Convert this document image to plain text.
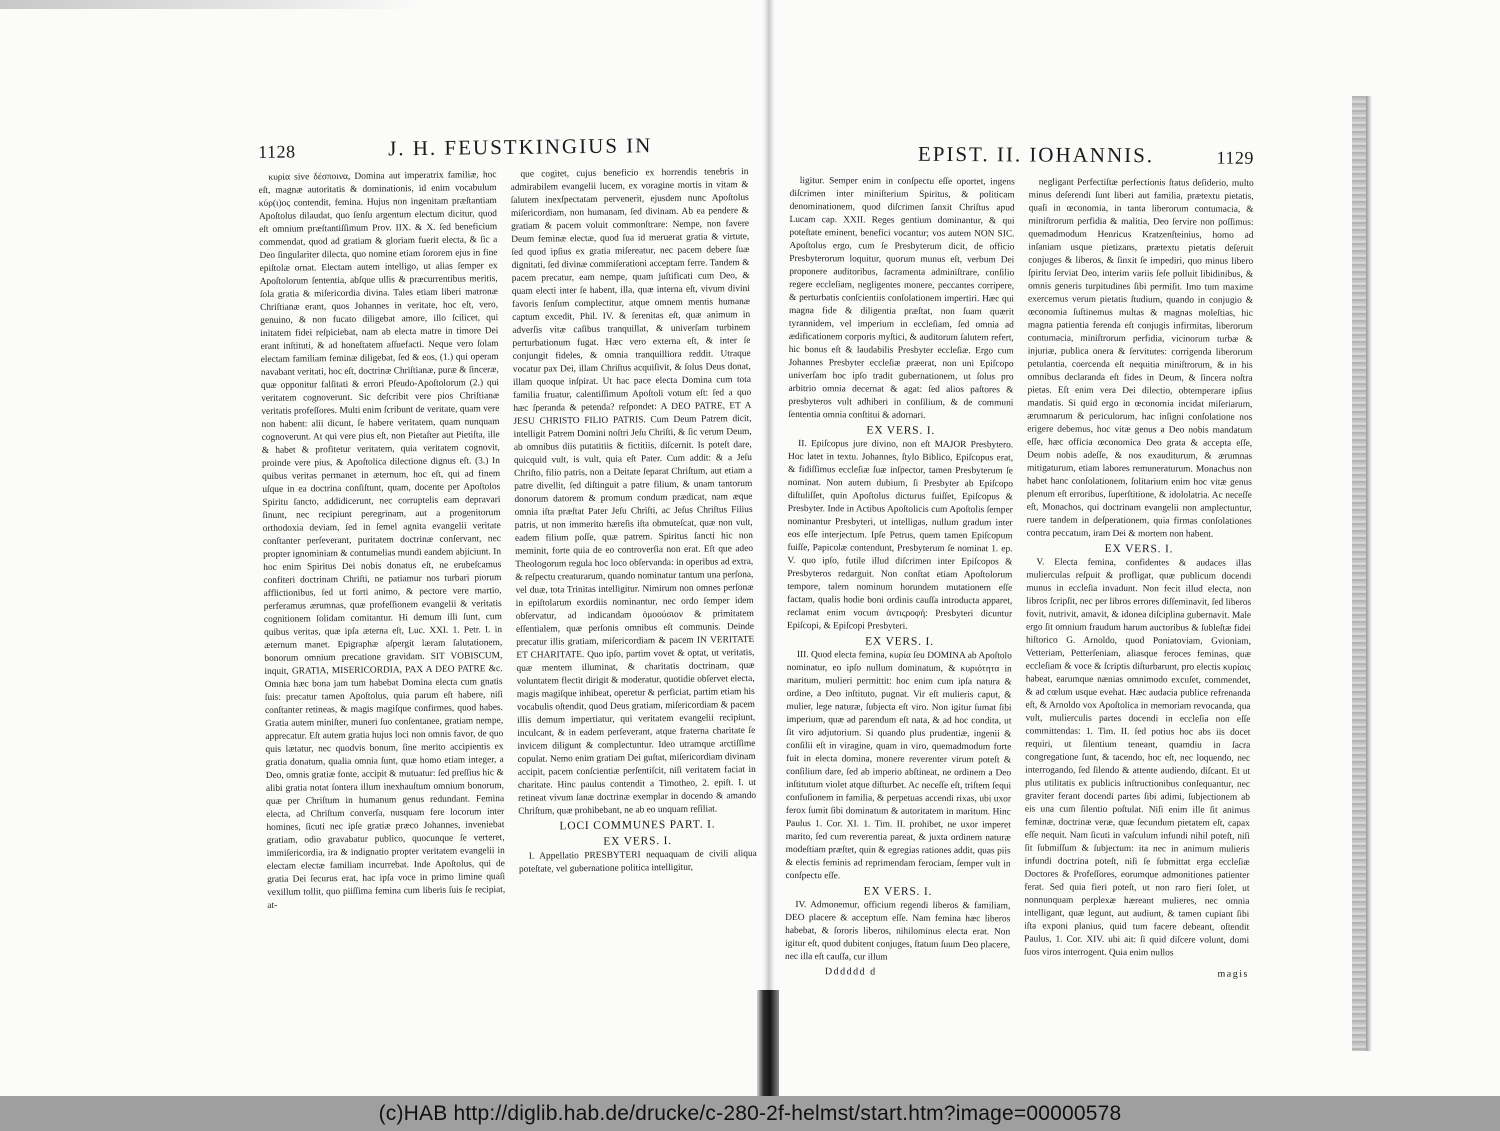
1128	J. H. FEUSTKINGIUS IN

κυρία sive δέσποινα, Domina aut imperatrix familiæ, hoc eſt, magnæ autoritatis & dominationis, id enim vocabulum κύρ(ι)ος contendit, femina. Hujus non ingenitam præſtantiam Apoſtolus dilaudat, quo ſenſu argentum electum dicitur, quod eſt omnium præſtantiſſimum Prov. IIX. & X. ſed beneficium commendat, quod ad gratiam & gloriam fuerit electa, & ſic a Deo ſingulariter dilecta, quo nomine etiam ſororem ejus in fine epiſtolæ ornat. Electam autem intelligo, ut alias ſemper ex Apoſtolorum ſententia, abſque ullis & præcurrentibus meritis, ſola gratia & miſericordia divina. Tales etiam liberi matronæ Chriſtianæ erant, quos Johannes in veritate, hoc eſt, vero, genuino, & non fucato diligebat amore, illo ſcilicet, qui initatem fidei reſpiciebat, nam ab electa matre in timore Dei erant inſtituti, & ad honeſtatem aſſuefacti. Neque vero ſolam electam familiam feminæ diligebat, ſed & eos, (1.) qui operam navabant veritati, hoc eſt, doctrinæ Chriſtianæ, puræ & ſinceræ, quæ opponitur falſitati & errori Pſeudo-Apoſtolorum (2.) qui veritatem cognoverunt. Sic deſcribit vere pios Chriſtianæ veritatis profeſſores. Multi enim ſcribunt de veritate, quam vere non habent: alii dicunt, ſe habere veritatem, quam nunquam cognoverunt. At qui vere pius eſt, non Pietaſter aut Pietiſta, ille & habet & profitetur veritatem, quia veritatem cognovit, proinde vere pius, & Apoſtolica dilectione dignus eſt. (3.) In quibus veritas permanet in æternum, hoc eſt, qui ad finem uſque in ea doctrina conſiſtunt, quam, docente per Apoſtolos Spiritu ſancto, addidicerunt, nec corruptelis eam depravari ſinunt, nec recipiunt peregrinam, aut a progenitorum orthodoxia deviam, ſed in ſemel agnita evangelii veritate conſtanter perſeverant, puritatem doctrinæ conſervant, nec propter ignominiam & contumelias mundi eandem abjiciunt. In hoc enim Spiritus Dei nobis donatus eſt, ne erubeſcamus confiteri doctrinam Chriſti, ne patiamur nos turbari piorum afflictionibus, ſed ut forti animo, & pectore vere martio, perferamus ærumnas, quæ profeſſionem evangelii & veritatis cognitionem ſolidam comitantur. Hi demum illi ſunt, cum quibus veritas, quæ ipſa æterna eſt, Luc. XXI. 1. Petr. I. in æternum manet. Epigraphæ aſpergit læram ſalutationem, bonorum omnium precatione gravidam. SIT VOBISCUM, inquit, GRATIA, MISERICORDIA, PAX A DEO PATRE &c. Omnia hæc bona jam tum habebat Domina electa cum gnatis ſuis: precatur tamen Apoſtolus, quia parum eſt habere, niſi conſtanter retineas, & magis magiſque confirmes, quod habes. Gratia autem miniſter, muneri ſuo conſentanee, gratiam nempe, apprecatur. Eſt autem gratia hujus loci non omnis favor, de quo quis lætatur, nec quodvis bonum, ſine merito accipientis ex gratia donatum, qualia omnia ſunt, quæ homo etiam integer, a Deo, omnis gratiæ fonte, accipit & mutuatur: ſed preſſius hic & alibi gratia notat ſontera illum inexhauſtum omnium bonorum, quæ per Chriſtum in humanum genus redundant. Femina electa, ad Chriſtum converſa, nusquam fere locorum inter homines, ſicuti nec ipſe gratiæ præco Johannes, inveniebat gratiam, odio gravabatur publico, quocunque ſe verteret, immiſericordia, ira & indignatio propter veritatem evangelii in electam electæ familiam incurrebat. Inde Apoſtolus, qui de gratia Dei ſecurus erat, hac ipſa voce in primo limine quaſi vexillum tollit, quo piiſſima femina cum liberis ſuis ſe recipiat, at-

que cogitet, cujus beneficio ex horrendis tenebris in admirabilem evangelii lucem, ex voragine mortis in vitam & ſalutem inexſpectatam pervenerit, ejusdem nunc Apoſtolus miſericordiam, non humanam, ſed divinam. Ab ea pendere & gratiam & pacem voluit commonſtrare: Nempe, non favere Deum feminæ electæ, quod ſua id meruerat gratia & virtute, ſed quod ipſius ex gratia miſereatur, nec pacem debere ſuæ dignitati, ſed divinæ commiſerationi acceptam ferre. Tandem & pacem precatur, eam nempe, quam juſtificati cum Deo, & quam electi inter ſe habent, illa, quæ interna eſt, vivum divini favoris ſenſum complectitur, atque omnem mentis humanæ captum excedit, Phil. IV. & ſerenitas eſt, quæ animum in adverſis vitæ caſibus tranquillat, & univerſam turbinem perturbationum fugat. Hæc vero externa eſt, & inter ſe conjungit fideles, & omnia tranquilliora reddit. Utraque vocatur pax Dei, illam Chriſtus acquiſivit, & ſolus Deus donat, illam quoque inſpirat. Ut hac pace electa Domina cum tota familia fruatur, calentiſſimum Apoſtoli votum eſt: ſed a quo hæc ſperanda & petenda? reſpondet: A DEO PATRE, ET A JESU CHRISTO FILIO PATRIS. Cum Deum Patrem dicit, intelligit Patrem Domini noſtri Jeſu Chriſti, & ſic verum Deum, ab omnibus diis putatitiis & fictitiis, diſcernit. Is poteſt dare, quicquid vult, is vult, quia eſt Pater. Cum addit: & a Jeſu Chriſto, filio patris, non a Deitate ſeparat Chriſtum, aut etiam a patre divellit, ſed diſtinguit a patre filium, & unam tantorum donorum datorem & promum condum prædicat, nam æque omnia iſta præſtat Pater Jeſu Chriſti, ac Jeſus Chriſtus Filius patris, ut non immerito hæreſis iſta obmuteſcat, quæ non vult, eadem filium poſſe, quæ patrem. Spiritus ſancti hic non meminit, forte quia de eo controverſia non erat. Eſt que adeo Theologorum regula hoc loco obſervanda: in operibus ad extra, & reſpectu creaturarum, quando nominatur tantum una perſona, vel duæ, tota Trinitas intelligitur. Nimirum non omnes perſonæ in epiſtolarum exordiis nominantur, nec ordo ſemper idem obſervatur, ad indicandam ὁμοούσιον & primitatem eſſentialem, quæ perſonis omnibus eſt communis. Deinde precatur illis gratiam, miſericordiam & pacem IN VERITATE ET CHARITATE. Quo ipſo, partim vovet & optat, ut veritatis, quæ mentem illuminat, & charitatis doctrinam, quæ voluntatem flectit dirigit & moderatur, quotidie obſervet electa, magis magiſque inhibeat, operetur & perficiat, partim etiam his vocabulis oſtendit, quod Deus gratiam, miſericordiam & pacem illis demum impertiatur, qui veritatem evangelii recipiunt, inculcant, & in eadem perſeverant, atque fraterna charitate ſe invicem diligunt & complectuntur. Ideo utramque arctiſſime copulat. Nemo enim gratiam Dei guſtat, miſericordiam divinam accipit, pacem conſcientiæ perſentiſcit, niſi veritatem faciat in charitate. Hinc paulus contendit a Timotheo, 2. epiſt. I. ut retineat vivum ſanæ doctrinæ exemplar in docendo & amando Chriſtum, quæ prohibebant, ne ab eo unquam reſiliat.

LOCI COMMUNES PART. I.
EX VERS. I.

I. Appellatio PRESBYTERI nequaquam de civili aliqua poteſtate, vel gubernatione politica intelligitur,

EPIST. II. IOHANNIS.	1129

ligitur. Semper enim in conſpectu eſſe oportet, ingens diſcrimen inter miniſterium Spiritus, & politicam denominationem, quod diſcrimen ſanxit Chriſtus apud Lucam cap. XXII. Reges gentium dominantur, & qui poteſtate eminent, benefici vocantur; vos autem NON SIC. Apoſtolus ergo, cum ſe Presbyterum dicit, de officio Presbyterorum loquitur, quorum munus eſt, verbum Dei proponere auditoribus, ſacramenta adminiſtrare, conſilio regere eccleſiam, negligentes monere, peccantes corripere, & perturbatis conſcientiis conſolationem impertiri. Hæc qui magna fide & diligentia præſtat, non ſuam quærit tyrannidem, vel imperium in eccleſiam, ſed omnia ad ædificationem corporis myſtici, & auditorum ſalutem refert, hic bonus eſt & laudabilis Presbyter eccleſiæ. Ergo cum Johannes Presbyter eccleſiæ præerat, non uni Epiſcopo univerſam hoc ipſo tradit gubernationem, ut ſolus pro arbitrio omnia decernat & agat: ſed alios paſtores & presbyteros vult adhiberi in conſilium, & de communi ſententia omnia conſtitui & adornari.

EX VERS. I.

II. Epiſcopus jure divino, non eſt MAJOR Presbytero. Hoc latet in textu. Johannes, ſtylo Biblico, Epiſcopus erat, & fidiſſimus eccleſiæ ſuæ inſpector, tamen Presbyterum ſe nominat. Non autem dubium, ſi Presbyter ab Epiſcopo diſtuliſſet, quin Apoſtolus dicturus fuiſſet, Epiſcopus & Presbyter. Inde in Actibus Apoſtolicis cum Apoſtolis ſemper nominantur Presbyteri, ut intelligas, nullum gradum inter eos eſſe interjectum. Ipſe Petrus, quem tamen Epiſcopum fuiſſe, Papicolæ contendunt, Presbyterum ſe nominat 1. ep. V. quo ipſo, futile illud diſcrimen inter Epiſcopos & Presbyteros redarguit. Non conſtat etiam Apoſtolorum tempore, talem nominum horundem mutationem eſſe factam, qualis hodie boni ordinis cauſſa introducta apparet, reclamat enim vocum ἀντιςροφή: Presbyteri dicuntur Epiſcopi, & Epiſcopi Presbyteri.

EX VERS. I.

III. Quod electa femina, κυρία ſeu DOMINA ab Apoſtolo nominatur, eo ipſo nullum dominatum, & κυριότητα in maritum, mulieri permittit: hoc enim cum ipſa natura & ordine, a Deo inſtituto, pugnat. Vir eſt mulieris caput, & mulier, lege naturæ, ſubjecta eſt viro. Non igitur ſumat ſibi imperium, quæ ad parendum eſt nata, & ad hoc condita, ut ſit viro adjutorium. Si quando plus prudentiæ, ingenii & conſilii eſt in viragine, quam in viro, quemadmodum forte fuit in electa domina, monere reverenter virum poteſt & conſilium dare, ſed ab imperio abſtineat, ne ordinem a Deo inſtitutum violet atque diſturbet. Ac neceſſe eſt, triſtem ſequi confuſionem in familia, & perpetuas accendi rixas, ubi uxor ferox ſumit ſibi dominatum & autoritatem in maritum. Hinc Paulus 1. Cor. XI. 1. Tim. II. prohibet, ne uxor imperet marito, ſed cum reverentia pareat, & juxta ordinem naturæ modeſtiam præſtet, quin & egregias rationes addit, quas piis & electis feminis ad reprimendam ferociam, ſemper vult in conſpectu eſſe.

EX VERS. I.

IV. Admonemur, officium regendi liberos & familiam, DEO placere & acceptum eſſe. Nam femina hæc liberos habebat, & ſororis liberos, nihilominus electa erat. Non igitur eſt, quod dubitent conjuges, ſtatum ſuum Deo placere, nec illa eſt cauſſa, cur illum

negligant Perfectiſtæ perfectionis ſtatus deſiderio, multo minus deſerendi ſunt liberi aut familia, prætextu pietatis, quaſi in œconomia, in tanta liberorum contumacia, & miniſtrorum perfidia & malitia, Deo ſervire non poſſimus: quemadmodum Henricus Kratzenſteinius, homo ad inſaniam usque pietizans, prætextu pietatis deſeruit conjuges & liberos, & ſinxit ſe impediri, quo minus libero ſpiritu ſerviat Deo, interim variis ſeſe polluit libidinibus, & omnis generis turpitudines ſibi permiſit. Imo tum maxime exercemus verum pietatis ſtudium, quando in conjugio & œconomia ſuſtinemus multas & magnas moleſtias, hic magna patientia ferenda eſt conjugis infirmitas, liberorum contumacia, miniſtrorum perfidia, vicinorum turbæ & injuriæ, publica onera & ſervitutes: corrigenda liberorum petulantia, coercenda eſt nequitia miniſtrorum, & in his omnibus declaranda eſt fides in Deum, & ſincera noſtra pietas. Eſt enim vera Dei dilectio, obtemperare ipſius mandatis. Si quid ergo in œconomia incidat miſeriarum, ærumnarum & periculorum, hac inſigni conſolatione nos erigere debemus, hoc vitæ genus a Deo nobis mandatum eſſe, hæc officia œconomica Deo grata & accepta eſſe, Deum nobis adeſſe, & nos exauditurum, & ærumnas mitigaturum, etiam labores remuneraturum. Monachus non habet hanc conſolationem, ſolitarium enim hoc vitæ genus plenum eſt erroribus, ſuperſtitione, & idololatria. Ac neceſſe eſt, Monachos, qui doctrinam evangelii non amplectuntur, ruere tandem in deſperationem, quia firmas conſolationes contra peccatum, iram Dei & mortem non habent.

EX VERS. I.

V. Electa femina, confidentes & audaces illas mulierculas reſpuit & profligat, quæ publicum docendi munus in eccleſia invadunt. Non fecit illud electa, non libros ſcripſit, nec per libros errores diſſeminavit, ſed liberos fovit, nutrivit, amavit, & idonea diſciplina gubernavit. Male ergo ſit omnium fraudum harum auctoribus & ſubleſtæ fidei hiſtorico G. Arnoldo, quod Poniatoviam, Gvioniam, Vetteriam, Petterſeniam, aliasque feroces feminas, quæ eccleſiam & voce & ſcriptis diſturbarunt, pro electis κυρίαις habeat, earumque nænias omnimodo excuſet, commendet, & ad cœlum usque evehat. Hæc audacia publice refrenanda eſt, & Arnoldo vox Apoſtolica in memoriam revocanda, qua vult, mulierculis partes docendi in eccleſia non eſſe committendas: 1. Tim. II. ſed potius hoc abs iis docet requiri, ut ſilentium teneant, quamdiu in ſacra congregatione ſunt, & tacendo, hoc eſt, nec loquendo, nec interrogando, ſed ſilendo & attente audiendo, diſcant. Et ut plus utilitatis ex publicis inſtructionibus conſequantur, nec graviter ferant docendi partes ſibi adimi, ſubjectionem ab eis una cum ſilentio poſtulat. Niſi enim ille ſit animus feminæ, doctrinæ veræ, quæ ſecundum pietatem eſt, capax eſſe nequit. Nam ſicuti in vaſculum infundi nihil poteſt, niſi ſit ſubmiſſum & ſubjectum: ita nec in animum mulieris infundi doctrina poteſt, niſi ſe ſubmittat erga eccleſiæ Doctores & Profeſſores, eorumque admonitiones patienter ferat. Sed quia fieri poteſt, ut non raro fieri ſolet, ut nonnunquam perplexæ hæreant mulieres, nec omnia intelligant, quæ legunt, aut audiunt, & tamen cupiant ſibi iſta exponi planius, quid tum facere debeant, oſtendit Paulus, 1. Cor. XIV. ubi ait: ſi quid diſcere volunt, domi ſuos viros interrogent. Quia enim nullos

Dddddd d	magis
(c)HAB http://diglib.hab.de/drucke/c-280-2f-helmst/start.htm?image=00000578
